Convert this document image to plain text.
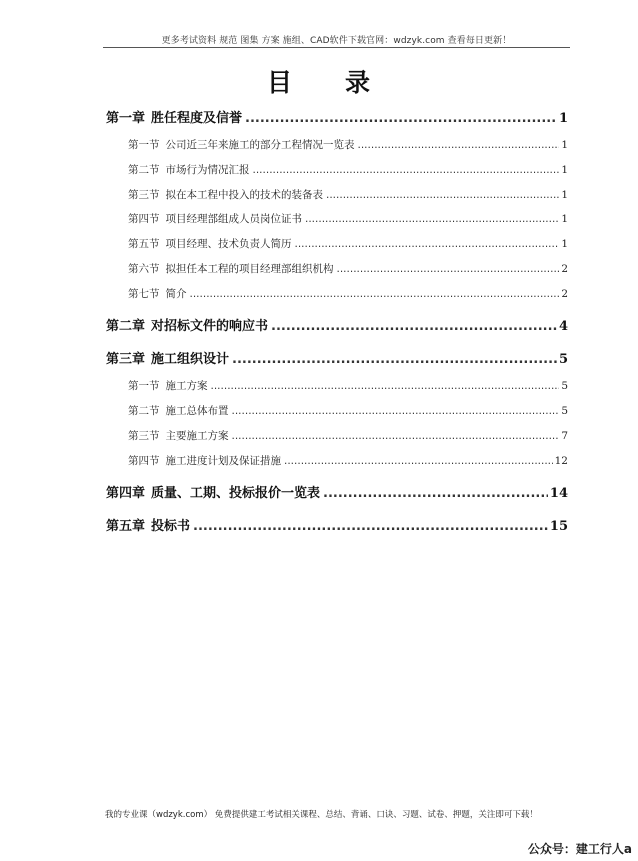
更多考试资料 规范 图集 方案 施组、CAD软件下载官网：wdzyk.com 查看每日更新！
目　　录
第一章 胜任程度及信誉 .....	1
第一节 公司近三年来施工的部分工程情况一览表 .....	1
第二节 市场行为情况汇报 .....	1
第三节 拟在本工程中投入的技术的装备表 .....	1
第四节 项目经理部组成人员岗位证书 .....	1
第五节 项目经理、技术负责人简历 .....	1
第六节 拟担任本工程的项目经理部组织机构 .....	2
第七节 简介 .....	2
第二章 对招标文件的响应书 .....	4
第三章 施工组织设计 .....	5
第一节 施工方案 .....	5
第二节 施工总体布置 .....	5
第三节 主要施工方案 .....	7
第四节 施工进度计划及保证措施 .....	12
第四章 质量、工期、投标报价一览表 .....	14
第五章 投标书 .....	15
我的专业课（wdzyk.com） 免费提供建工考试相关课程、总结、背诵、口诀、习题、试卷、押题，关注即可下载！
公众号：建工行人a
